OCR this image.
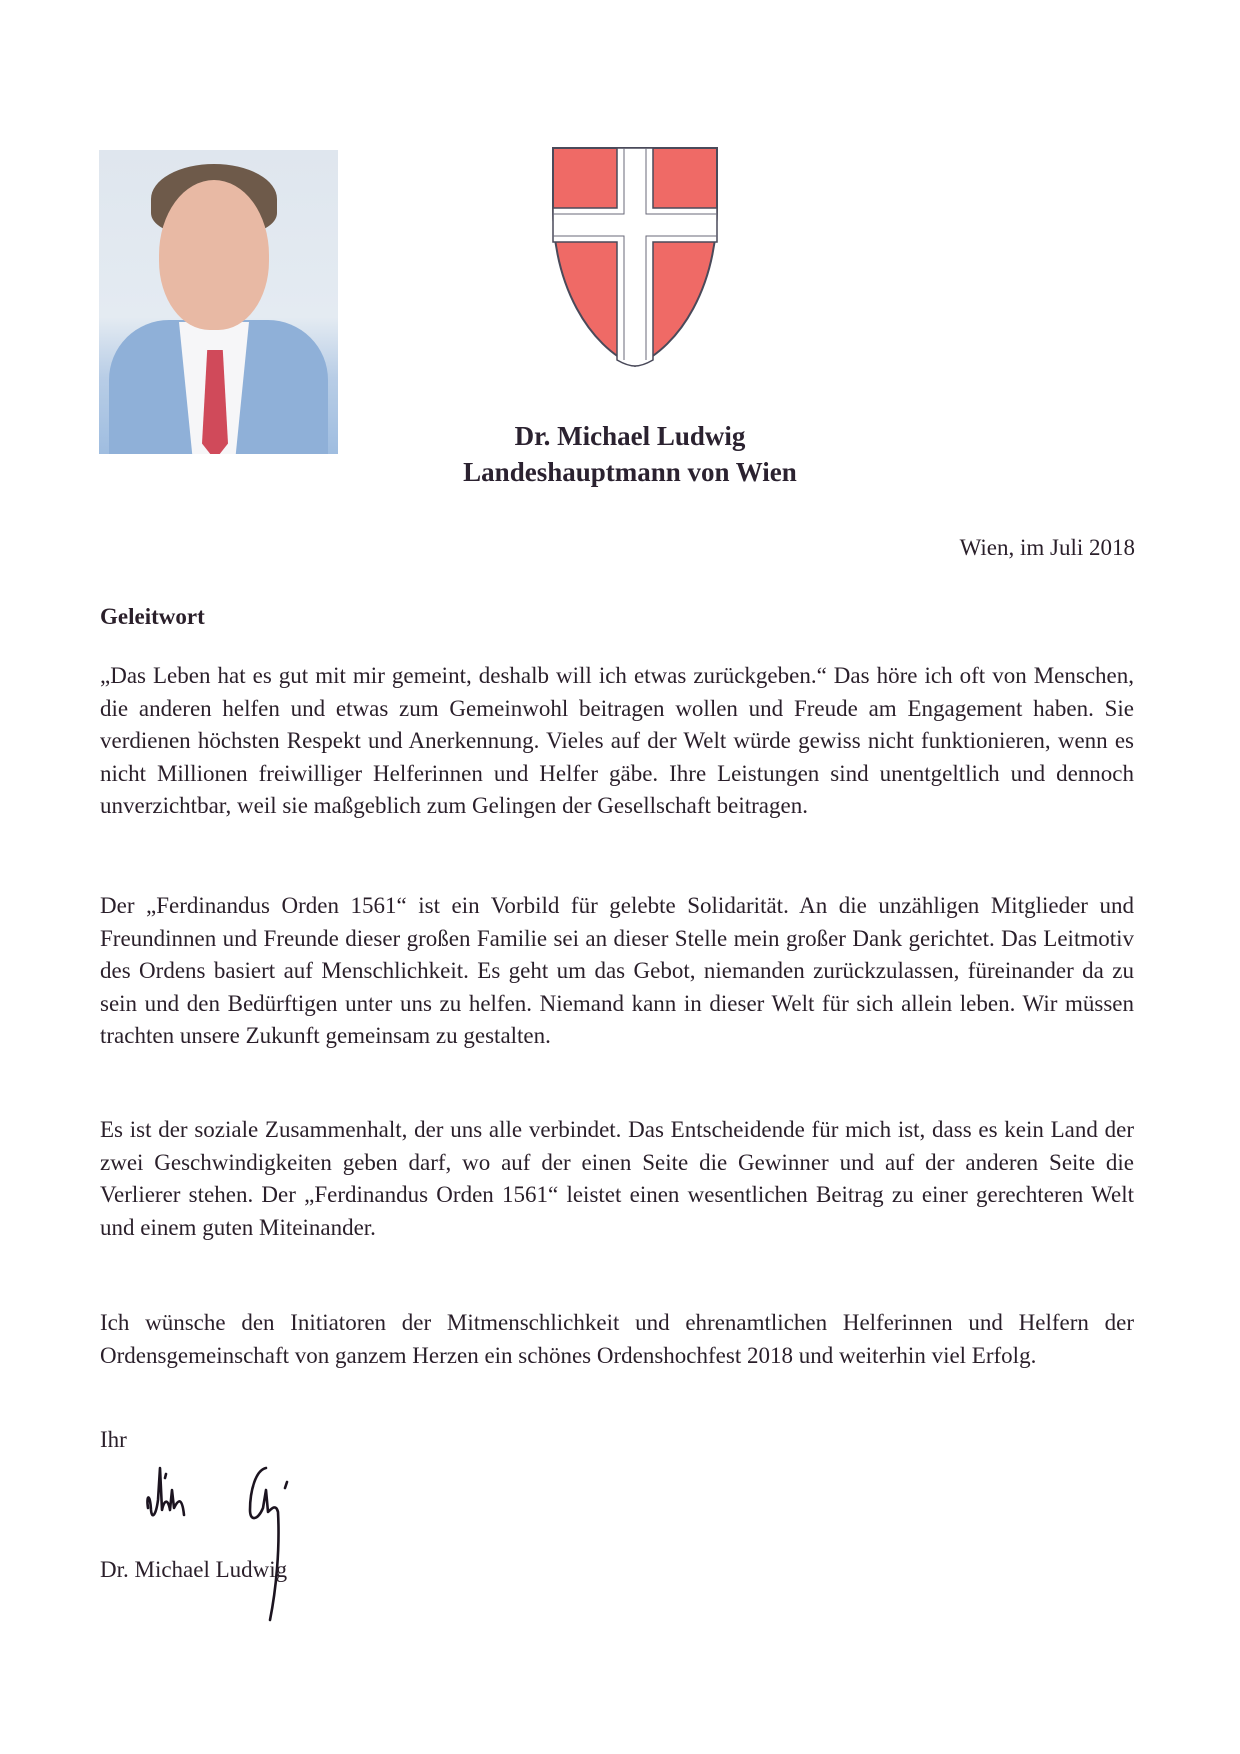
Dr. Michael Ludwig
Landeshauptmann von Wien
Wien, im Juli 2018
Geleitwort

„Das Leben hat es gut mit mir gemeint, deshalb will ich etwas zurückgeben.“ Das höre ich oft von Menschen, die anderen helfen und etwas zum Gemeinwohl beitragen wollen und Freude am Engagement haben. Sie verdienen höchsten Respekt und Anerkennung. Vieles auf der Welt würde gewiss nicht funktionieren, wenn es nicht Millionen freiwilliger Helferinnen und Helfer gäbe. Ihre Leistungen sind unentgeltlich und dennoch unverzichtbar, weil sie maßgeblich zum Gelingen der Gesellschaft beitragen.

Der „Ferdinandus Orden 1561“ ist ein Vorbild für gelebte Solidarität. An die unzähligen Mitglieder und Freundinnen und Freunde dieser großen Familie sei an dieser Stelle mein großer Dank gerichtet. Das Leitmotiv des Ordens basiert auf Menschlichkeit. Es geht um das Gebot, niemanden zurückzulassen, füreinander da zu sein und den Bedürftigen unter uns zu helfen. Niemand kann in dieser Welt für sich allein leben. Wir müssen trachten unsere Zukunft gemeinsam zu gestalten.

Es ist der soziale Zusammenhalt, der uns alle verbindet. Das Entscheidende für mich ist, dass es kein Land der zwei Geschwindigkeiten geben darf, wo auf der einen Seite die Gewinner und auf der anderen Seite die Verlierer stehen. Der „Ferdinandus Orden 1561“ leistet einen wesentlichen Beitrag zu einer gerechteren Welt und einem guten Miteinander.

Ich wünsche den Initiatoren der Mitmenschlichkeit und ehrenamtlichen Helferinnen und Helfern der Ordensgemeinschaft von ganzem Herzen ein schönes Ordenshochfest 2018 und weiterhin viel Erfolg.

Ihr
Dr. Michael Ludwig
